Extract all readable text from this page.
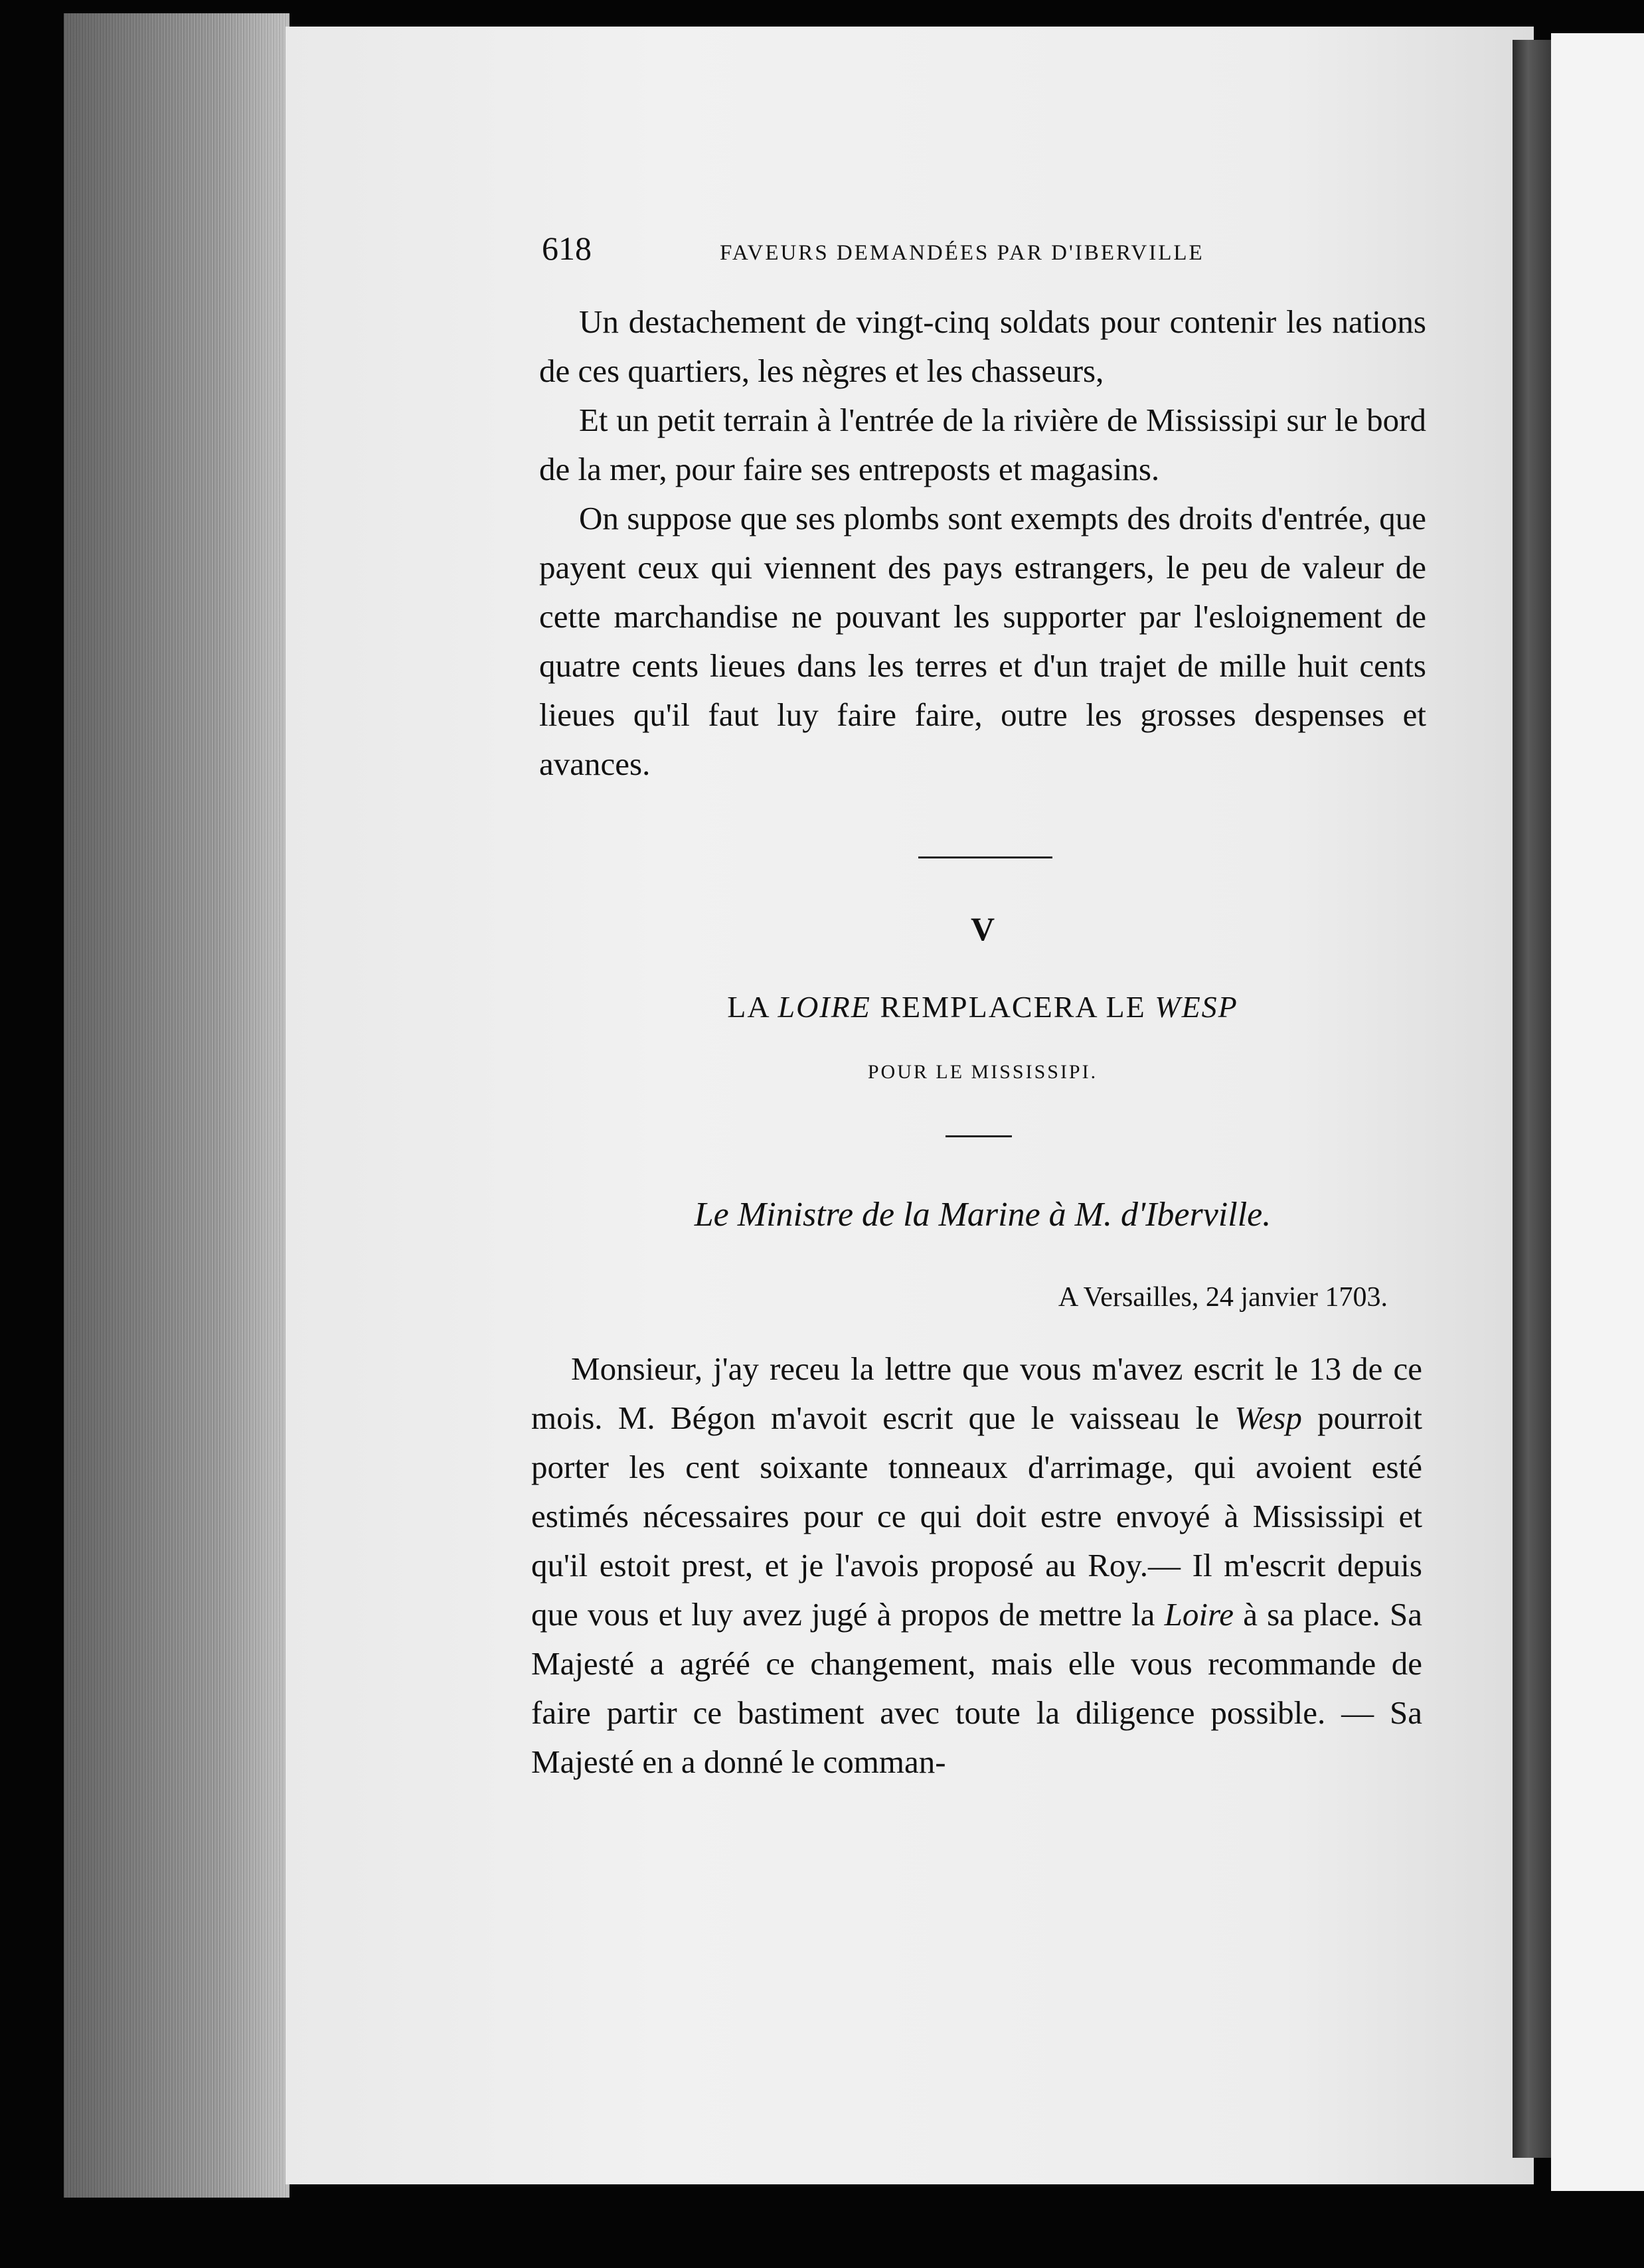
618	FAVEURS DEMANDÉES PAR D'IBERVILLE

Un destachement de vingt-cinq soldats pour contenir les nations de ces quartiers, les nègres et les chasseurs,

Et un petit terrain à l'entrée de la rivière de Mississipi sur le bord de la mer, pour faire ses entreposts et magasins.

On suppose que ses plombs sont exempts des droits d'entrée, que payent ceux qui viennent des pays estrangers, le peu de valeur de cette marchandise ne pouvant les supporter par l'esloignement de quatre cents lieues dans les terres et d'un trajet de mille huit cents lieues qu'il faut luy faire faire, outre les grosses despenses et avances.

V
LA LOIRE REMPLACERA LE WESP
POUR LE MISSISSIPI.
Le Ministre de la Marine à M. d'Iberville.
A Versailles, 24 janvier 1703.

Monsieur, j'ay receu la lettre que vous m'avez escrit le 13 de ce mois. M. Bégon m'avoit escrit que le vaisseau le Wesp pourroit porter les cent soixante tonneaux d'arrimage, qui avoient esté estimés nécessaires pour ce qui doit estre envoyé à Mississipi et qu'il estoit prest, et je l'avois proposé au Roy.— Il m'escrit depuis que vous et luy avez jugé à propos de mettre la Loire à sa place. Sa Majesté a agréé ce changement, mais elle vous recommande de faire partir ce bastiment avec toute la diligence possible. — Sa Majesté en a donné le comman-
